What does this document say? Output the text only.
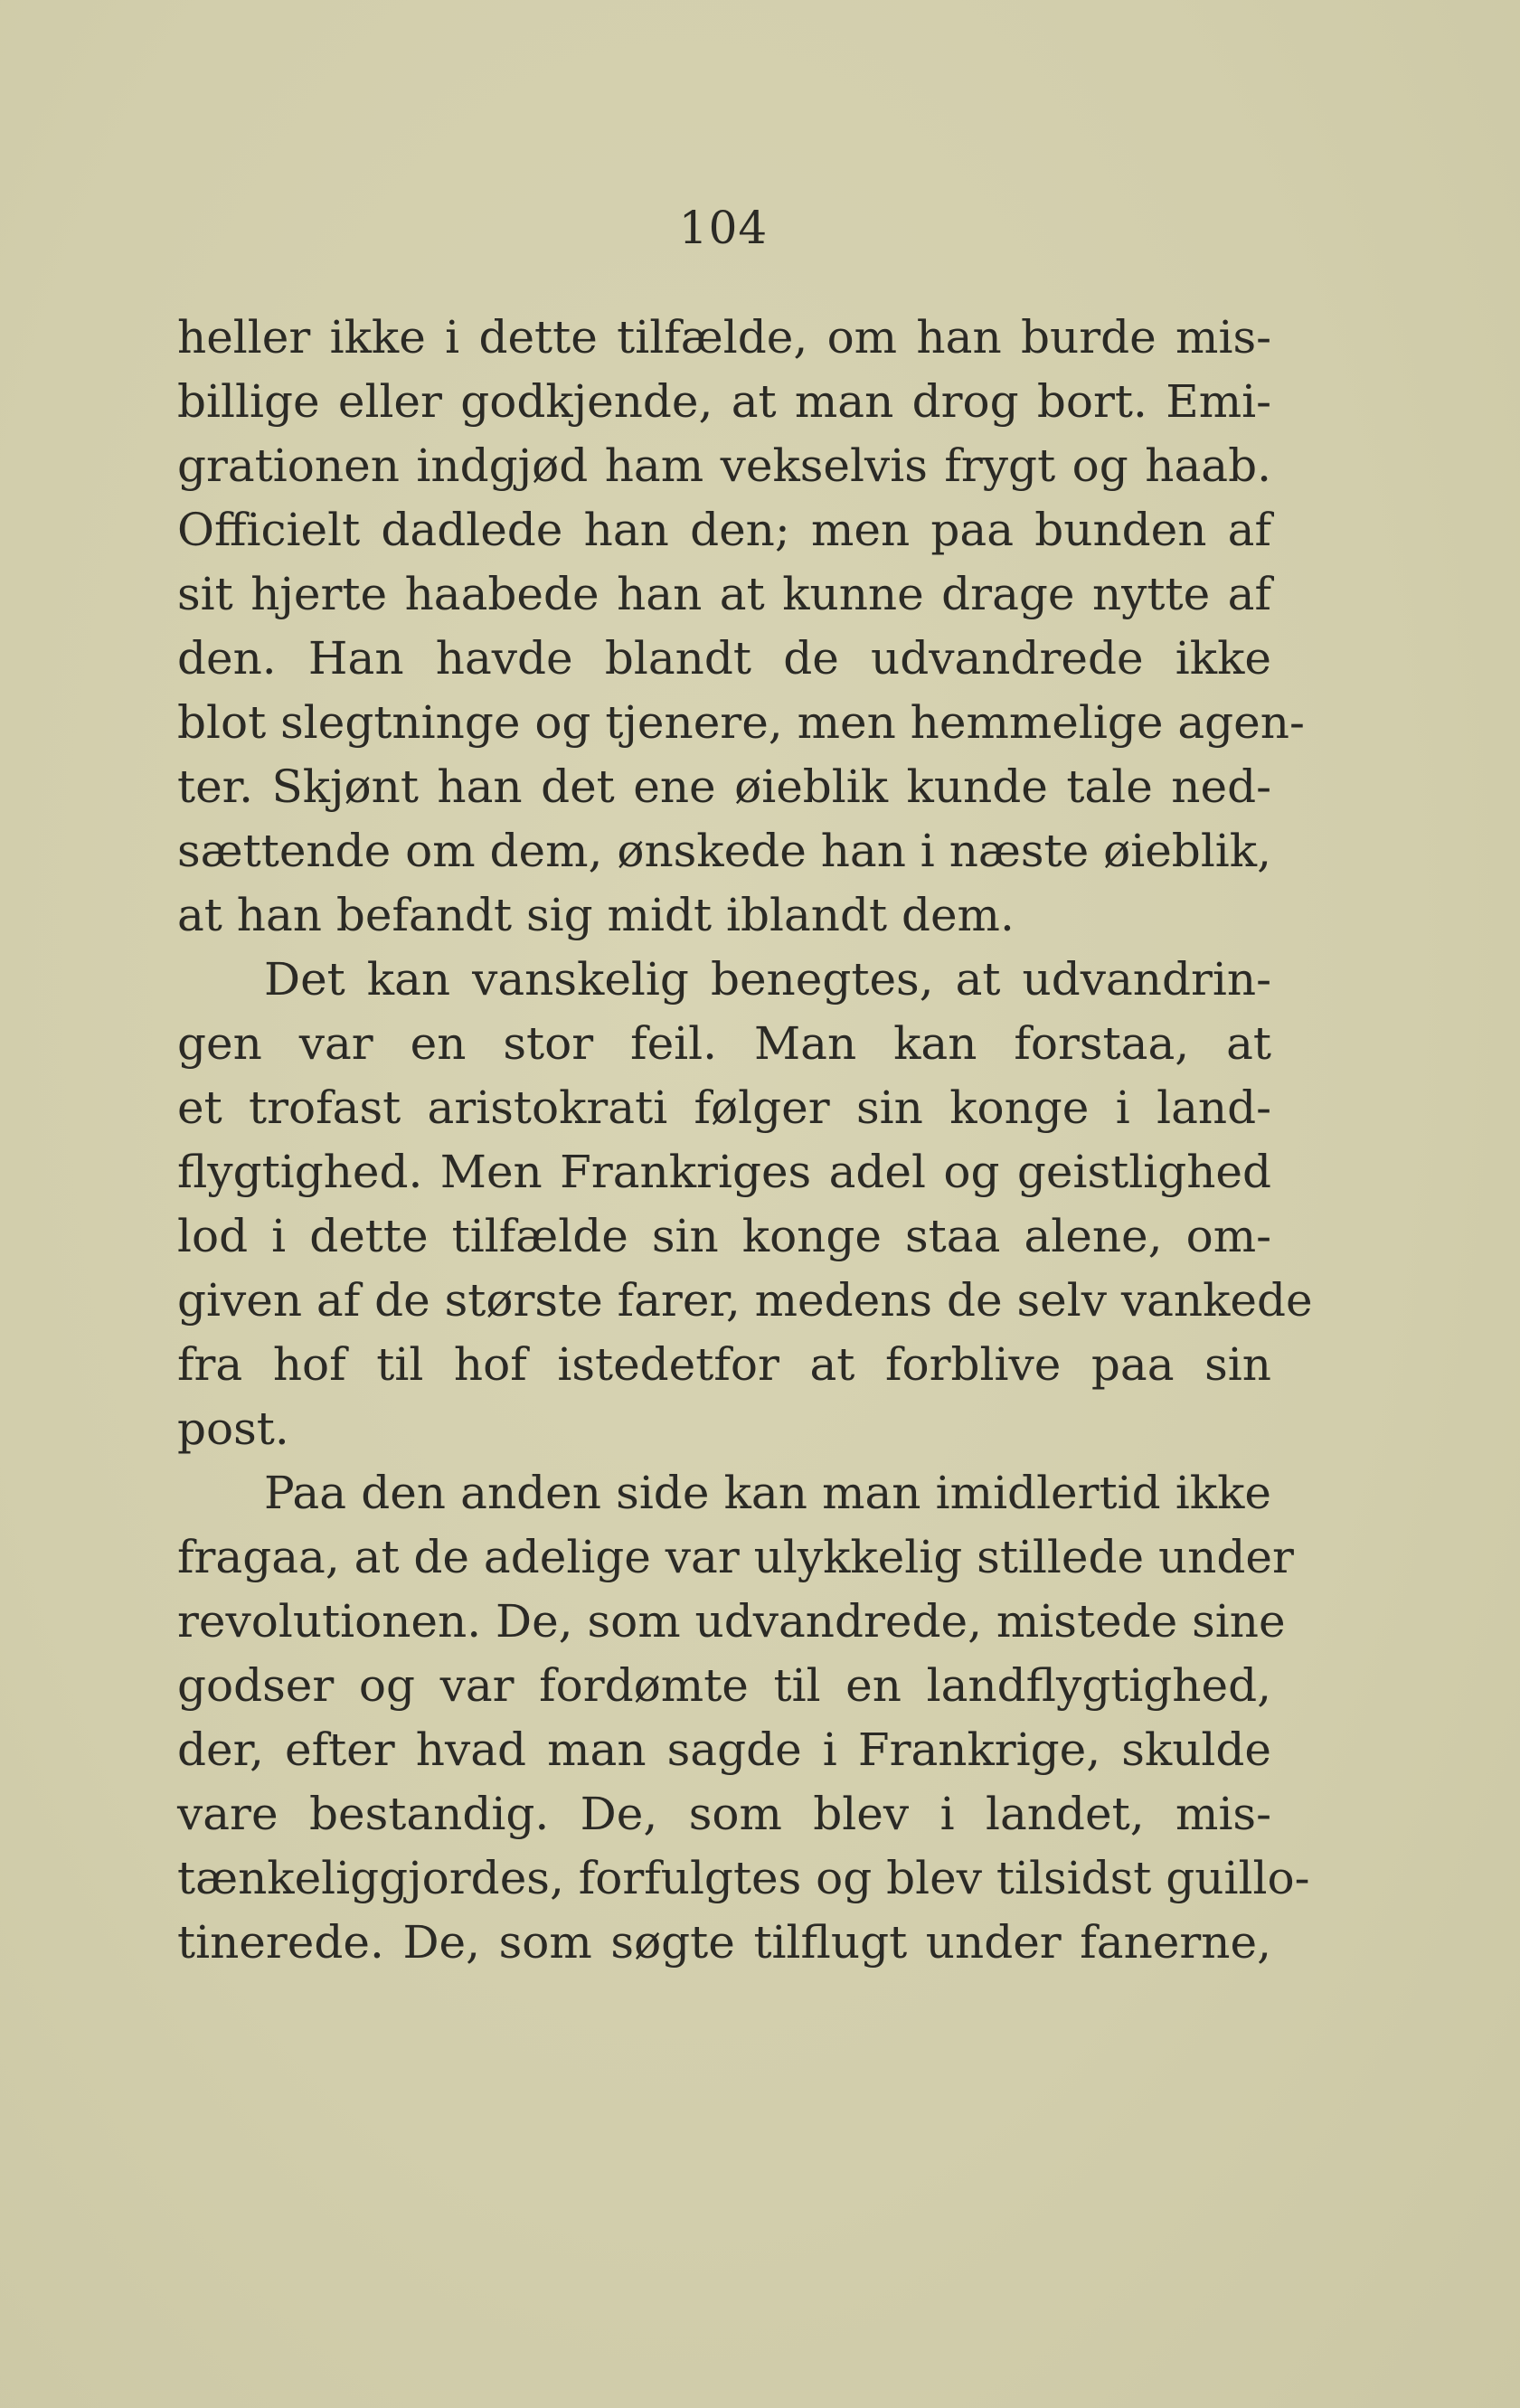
104
heller ikke i dette tilfælde, om han burde mis-
billige eller godkjende, at man drog bort. Emi-
grationen indgjød ham vekselvis frygt og haab.
Officielt dadlede han den; men paa bunden af
sit hjerte haabede han at kunne drage nytte af
den. Han havde blandt de udvandrede ikke
blot slegtninge og tjenere, men hemmelige agen-
ter. Skjønt han det ene øieblik kunde tale ned-
sættende om dem, ønskede han i næste øieblik,
at han befandt sig midt iblandt dem.
Det kan vanskelig benegtes, at udvandrin-
gen var en stor feil. Man kan forstaa, at
et trofast aristokrati følger sin konge i land-
flygtighed. Men Frankriges adel og geistlighed
lod i dette tilfælde sin konge staa alene, om-
given af de største farer, medens de selv vankede
fra hof til hof istedetfor at forblive paa sin
post.
Paa den anden side kan man imidlertid ikke
fragaa, at de adelige var ulykkelig stillede under
revolutionen. De, som udvandrede, mistede sine
godser og var fordømte til en landflygtighed,
der, efter hvad man sagde i Frankrige, skulde
vare bestandig. De, som blev i landet, mis-
tænkeliggjordes, forfulgtes og blev tilsidst guillo-
tinerede. De, som søgte tilflugt under fanerne,
